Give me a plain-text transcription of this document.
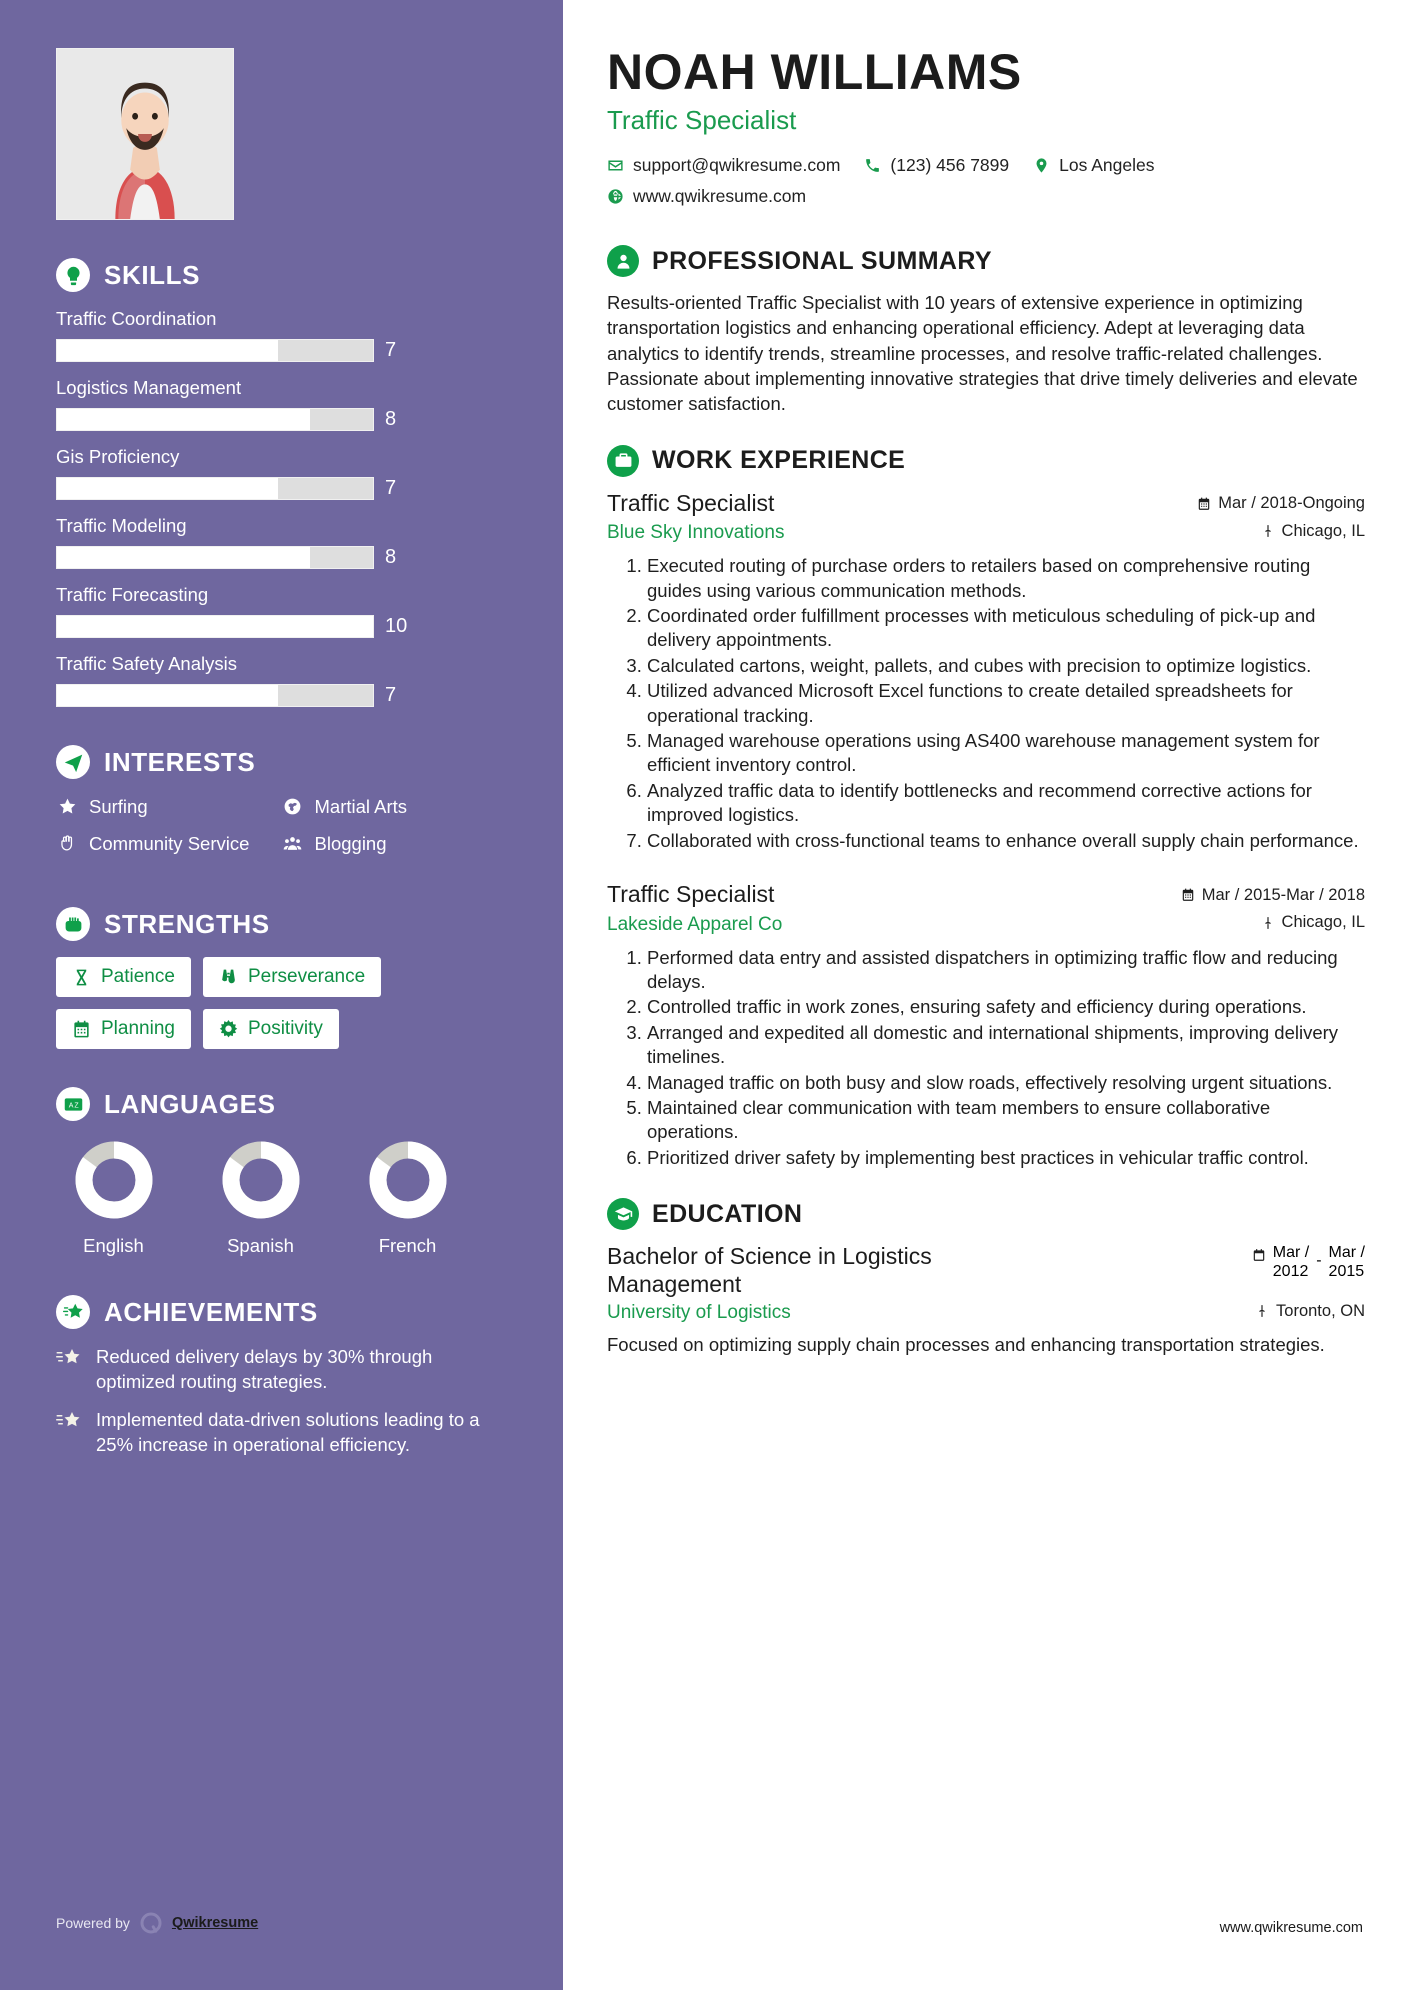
SKILLS
Traffic Coordination
7
Logistics Management
8
Gis Proficiency
7
Traffic Modeling
8
Traffic Forecasting
10
Traffic Safety Analysis
7
INTERESTS
Surfing	Martial Arts
Community Service	Blogging
STRENGTHS
Patience	Perseverance
Planning	Positivity
A Z LANGUAGES
English	Spanish	French
ACHIEVEMENTS
Reduced delivery delays by 30% through optimized routing strategies.
Implemented data-driven solutions leading to a 25% increase in operational efficiency.
Powered by	Qwikresume
NOAH WILLIAMS
Traffic Specialist
support@qwikresume.com	(123) 456 7899	Los Angeles
www.qwikresume.com
PROFESSIONAL SUMMARY

Results-oriented Traffic Specialist with 10 years of extensive experience in optimizing transportation logistics and enhancing operational efficiency. Adept at leveraging data analytics to identify trends, streamline processes, and resolve traffic-related challenges. Passionate about implementing innovative strategies that drive timely deliveries and elevate customer satisfaction.

WORK EXPERIENCE
Traffic Specialist	Mar / 2018-Ongoing
Blue Sky Innovations	Chicago, IL
1. Executed routing of purchase orders to retailers based on comprehensive routing guides using various communication methods.
2. Coordinated order fulfillment processes with meticulous scheduling of pick-up and delivery appointments.
3. Calculated cartons, weight, pallets, and cubes with precision to optimize logistics.
4. Utilized advanced Microsoft Excel functions to create detailed spreadsheets for operational tracking.
5. Managed warehouse operations using AS400 warehouse management system for efficient inventory control.
6. Analyzed traffic data to identify bottlenecks and recommend corrective actions for improved logistics.
7. Collaborated with cross-functional teams to enhance overall supply chain performance.
Traffic Specialist	Mar / 2015-Mar / 2018
Lakeside Apparel Co	Chicago, IL
1. Performed data entry and assisted dispatchers in optimizing traffic flow and reducing delays.
2. Controlled traffic in work zones, ensuring safety and efficiency during operations.
3. Arranged and expedited all domestic and international shipments, improving delivery timelines.
4. Managed traffic on both busy and slow roads, effectively resolving urgent situations.
5. Maintained clear communication with team members to ensure collaborative operations.
6. Prioritized driver safety by implementing best practices in vehicular traffic control.
EDUCATION
Bachelor of Science in Logistics Management
Mar /
2012
- Mar /
2015
University of Logistics	Toronto, ON

Focused on optimizing supply chain processes and enhancing transportation strategies.

www.qwikresume.com
